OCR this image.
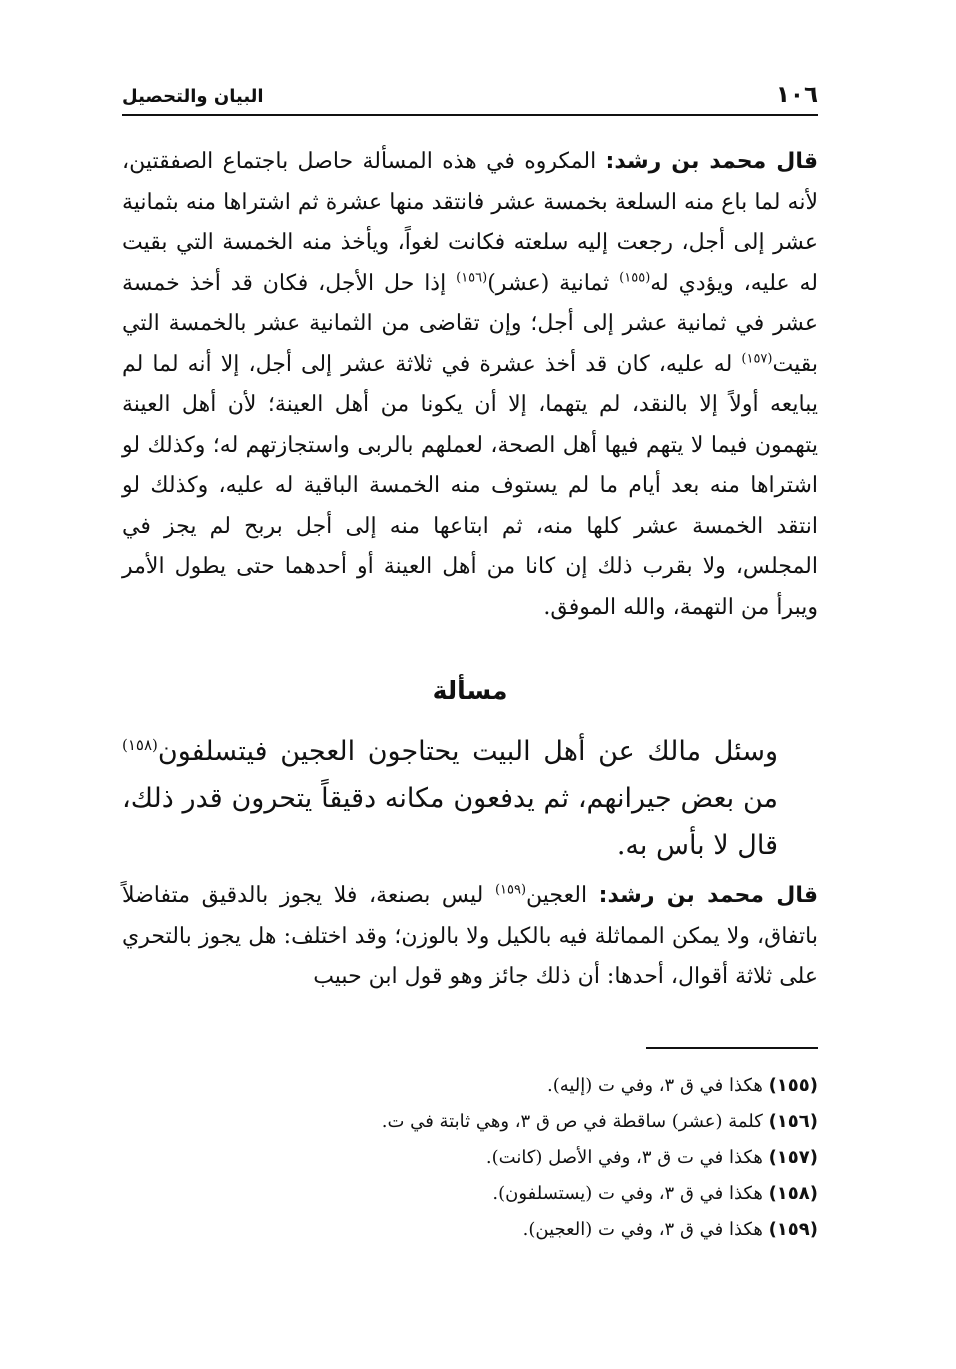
١٠٦
البيان والتحصيل
قال محمد بن رشد: المكروه في هذه المسألة حاصل باجتماع الصفقتين، لأنه لما باع منه السلعة بخمسة عشر فانتقد منها عشرة ثم اشتراها منه بثمانية عشر إلى أجل، رجعت إليه سلعته فكانت لغواً، ويأخذ منه الخمسة التي بقيت له عليه، ويؤدي له$^{(١٥٥)}$ ثمانية (عشر)$^{(١٥٦)}$ إذا حل الأجل، فكان قد أخذ خمسة عشر في ثمانية عشر إلى أجل؛ وإن تقاضى من الثمانية عشر بالخمسة التي بقيت$^{(١٥٧)}$ له عليه، كان قد أخذ عشرة في ثلاثة عشر إلى أجل، إلا أنه لما لم يبايعه أولاً إلا بالنقد، لم يتهما، إلا أن يكونا من أهل العينة؛ لأن أهل العينة يتهمون فيما لا يتهم فيها أهل الصحة، لعملهم بالربى واستجازتهم له؛ وكذلك لو اشتراها منه بعد أيام ما لم يستوف منه الخمسة الباقية له عليه، وكذلك لو انتقد الخمسة عشر كلها منه، ثم ابتاعها منه إلى أجل بربح لم يجز في المجلس، ولا بقرب ذلك إن كانا من أهل العينة أو أحدهما حتى يطول الأمر ويبرأ من التهمة، والله الموفق.
مسألة

وسئل مالك عن أهل البيت يحتاجون العجين فيتسلفون$^{(١٥٨)}$ من بعض جيرانهم، ثم يدفعون مكانه دقيقاً يتحرون قدر ذلك، قال لا بأس به.

قال محمد بن رشد: العجين$^{(١٥٩)}$ ليس بصنعة، فلا يجوز بالدقيق متفاضلاً باتفاق، ولا يمكن المماثلة فيه بالكيل ولا بالوزن؛ وقد اختلف: هل يجوز بالتحري على ثلاثة أقوال، أحدها: أن ذلك جائز وهو قول ابن حبيب
(١٥٥) هكذا في ق ٣، وفي ت (إليه).
(١٥٦) كلمة (عشر) ساقطة في ص ق ٣، وهي ثابتة في ت.
(١٥٧) هكذا في ت ق ٣، وفي الأصل (كانت).
(١٥٨) هكذا في ق ٣، وفي ت (يستسلفون).
(١٥٩) هكذا في ق ٣، وفي ت (العجين).
